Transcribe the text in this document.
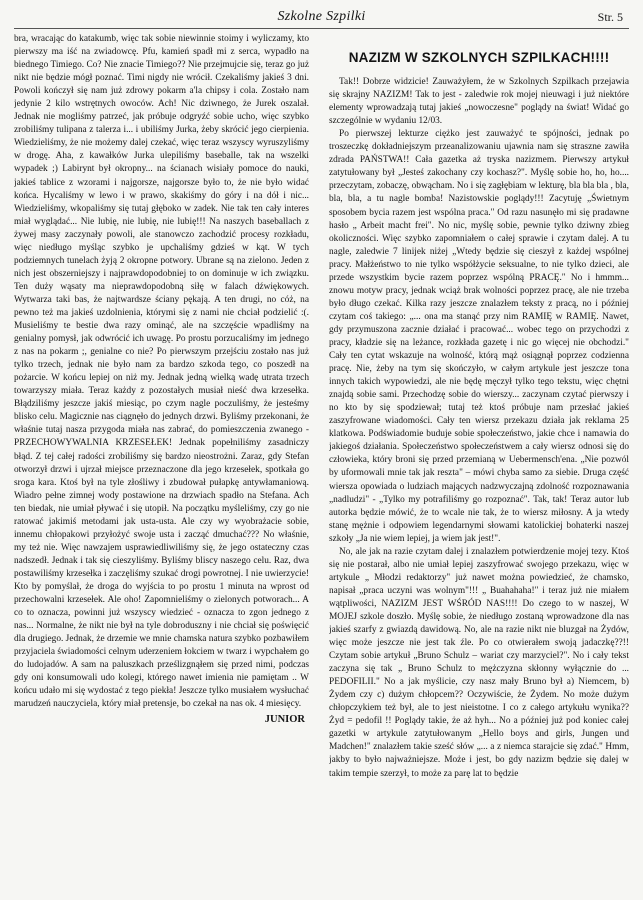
Szkolne Szpilki	Str. 5

bra, wracając do katakumb, więc tak sobie niewinnie stoimy i wyliczamy, kto pierwszy ma iść na zwiadowcę. Pfu, kamień spadł mi z serca, wypadło na biednego Timiego. Co? Nie znacie Timiego?? Nie przejmujcie się, teraz go już nikt nie będzie mógł poznać. Timi nigdy nie wrócił. Czekaliśmy jakieś 3 dni. Powoli kończył się nam już zdrowy pokarm a'la chipsy i cola. Zostało nam jedynie 2 kilo wstrętnych owoców. Ach! Nic dziwnego, że Jurek oszalał. Jednak nie mogliśmy patrzeć, jak próbuje odgryźć sobie ucho, więc szybko zrobiliśmy tulipana z talerza i... i ubiliśmy Jurka, żeby skrócić jego cierpienia. Wiedzieliśmy, że nie możemy dalej czekać, więc teraz wszyscy wyruszyliśmy w drogę. Aha, z kawałków Jurka ulepiliśmy baseballe, tak na wszelki wypadek ;) Labirynt był okropny... na ścianach wisiały pomoce do nauki, jakieś tablice z wzorami i najgorsze, najgorsze było to, że nie było widać końca. Hycaliśmy w lewo i w prawo, skakiśmy do góry i na dół i nic... Wiedzieliśmy, wkopaliśmy się tutaj głęboko w zadek. Nie tak ten cały interes miał wyglądać... Nie lubię, nie lubię, nie lubię!!! Na naszych baseballach z żywej masy zaczynały powoli, ale stanowczo zachodzić procesy rozkładu, więc niedługo myśląc szybko je upchaliśmy gdzieś w kąt. W tych podziemnych tunelach żyją 2 okropne potwory. Ubrane są na zielono. Jeden z nich jest obszerniejszy i najprawdopodobniej to on dominuje w ich związku. Ten duży wąsaty ma nieprawdopodobną siłę w falach dźwiękowych. Wytwarza taki bas, że najtwardsze ściany pękają. A ten drugi, no cóż, na pewno też ma jakieś uzdolnienia, którymi się z nami nie chciał podzielić :(. Musieliśmy te bestie dwa razy ominąć, ale na szczęście wpadliśmy na genialny pomysł, jak odwrócić ich uwagę. Po prostu porzucaliśmy im jednego z nas na pokarm ;, genialne co nie? Po pierwszym przejściu zostało nas już tylko trzech, jednak nie było nam za bardzo szkoda tego, co poszedł na pożarcie. W końcu lepiej on niż my. Jednak jedną wielką wadę utrata trzech towarzyszy miała. Teraz każdy z pozostałych musiał nieść dwa krzesełka. Błądziliśmy jeszcze jakiś miesiąc, po czym nagle poczuliśmy, że jesteśmy blisko celu. Magicznie nas ciągnęło do jednych drzwi. Byliśmy przekonani, że właśnie tutaj nasza przygoda miała nas zabrać, do pomieszczenia zwanego - PRZECHOWYWALNIA KRZESEŁEK! Jednak popełniliśmy zasadniczy błąd. Z tej całej radości zrobiliśmy się bardzo nieostrożni. Zaraz, gdy Stefan otworzył drzwi i ujrzał miejsce przeznaczone dla jego krzesełek, spotkała go sroga kara. Ktoś był na tyle złośliwy i zbudował pułapkę antywłamaniową. Wiadro pełne zimnej wody postawione na drzwiach spadło na Stefana. Ach ten biedak, nie umiał pływać i się utopił. Na początku myśleliśmy, czy go nie ratować jakimiś metodami jak usta-usta. Ale czy wy wyobrażacie sobie, innemu chłopakowi przyłożyć swoje usta i zacząć dmuchać??? No właśnie, my też nie. Więc nawzajem usprawiedliwiliśmy się, że jego ostateczny czas nadszedł. Jednak i tak się cieszyliśmy. Byliśmy bliscy naszego celu. Raz, dwa postawiliśmy krzesełka i zaczęliśmy szukać drogi powrotnej. I nie uwierzycie! Kto by pomyślał, że droga do wyjścia to po prostu 1 minuta na wprost od przechowalni krzesełek. Ale oho! Zapomnieliśmy o zielonych potworach... A co to oznacza, powinni już wszyscy wiedzieć - oznacza to zgon jednego z nas... Normalne, że nikt nie był na tyle dobroduszny i nie chciał się poświęcić dla drugiego. Jednak, że drzemie we mnie chamska natura szybko pozbawiłem przyjaciela świadomości celnym uderzeniem łokciem w twarz i wypchałem go do ludojadów. A sam na paluszkach prześlizgnąłem się przed nimi, podczas gdy oni konsumowali udo kolegi, którego nawet imienia nie pamiętam .. W końcu udało mi się wydostać z tego piekła! Jeszcze tylko musiałem wysłuchać marudzeń nauczyciela, który miał pretensje, bo czekał na nas ok. 4 miesięcy.

JUNIOR
NAZIZM W SZKOLNYCH SZPILKACH!!!!

Tak!! Dobrze widzicie! Zauważyłem, że w Szkolnych Szpilkach przejawia się skrajny NAZIZM! Tak to jest - zaledwie rok mojej nieuwagi i już niektóre elementy wprowadzają tutaj jakieś „nowoczesne" poglądy na świat! Widać go szczególnie w wydaniu 12/03.

Po pierwszej lekturze ciężko jest zauważyć te spójności, jednak po troszeczkę dokładniejszym przeanalizowaniu ujawnia nam się straszne zawiła zdrada PAŃSTWA!! Cała gazetka aż tryska nazizmem. Pierwszy artykuł zatytułowany był „Jesteś zakochany czy kochasz?". Myślę sobie ho, ho, ho.... przeczytam, zobaczę, obwącham. No i się zagłębiam w lekturę, bla bla bla , bla, bla, bla, a tu nagle bomba! Nazistowskie poglądy!!! Zacytuję „Świetnym sposobem bycia razem jest wspólna praca." Od razu nasunęło mi się pradawne hasło „ Arbeit macht frei". No nic, myślę sobie, pewnie tylko dziwny zbieg okoliczności. Więc szybko zapomniałem o całej sprawie i czytam dalej. A tu nagle, zaledwie 7 linijek niżej „Wtedy będzie się cieszył z każdej wspólnej pracy. Małżeństwo to nie tylko współżycie seksualne, to nie tylko dzieci, ale przede wszystkim bycie razem poprzez wspólną PRACĘ." No i hmmm... znowu motyw pracy, jednak wciąż brak wolności poprzez pracę, ale nie trzeba było długo czekać. Kilka razy jeszcze znalazłem teksty z pracą, no i później czytam coś takiego: „... ona ma stanąć przy nim RAMIĘ w RAMIĘ. Nawet, gdy przymuszona zacznie działać i pracować... wobec tego on przychodzi z pracy, kładzie się na leżance, rozkłada gazetę i nic go więcej nie obchodzi." Cały ten cytat wskazuje na wolność, którą mąż osiągnął poprzez codzienna pracę. Nie, żeby na tym się skończyło, w całym artykule jest jeszcze tona innych takich wypowiedzi, ale nie będę męczył tylko tego tekstu, więc chętni znajdą sobie sami. Przechodzę sobie do wierszy... zaczynam czytać pierwszy i no kto by się spodziewał; tutaj też ktoś próbuje nam przesłać jakieś zaszyfrowane wiadomości. Cały ten wiersz przekazu działa jak reklama 25 klatkowa. Podświadomie buduje sobie społeczeństwo, jakie chce i namawia do jakiegoś działania. Społeczeństwo społeczeństwem a cały wiersz odnosi się do człowieka, który broni się przed przemianą w Uebermensch'ena. „Nie pozwól by uformowali mnie tak jak reszta" – mówi chyba samo za siebie. Druga część wiersza opowiada o ludziach mających nadzwyczajną zdolność rozpoznawania „nadludzi" - „Tylko my potrafiliśmy go rozpoznać". Tak, tak! Teraz autor lub autorka będzie mówić, że to wcale nie tak, że to wiersz miłosny. A ja wtedy stanę mężnie i odpowiem legendarnymi słowami katolickiej bohaterki naszej szkoły „Ja nie wiem lepiej, ja wiem jak jest!".

No, ale jak na razie czytam dalej i znalazłem potwierdzenie mojej tezy. Ktoś się nie postarał, albo nie umiał lepiej zaszyfrować swojego przekazu, więc w artykule „ Młodzi redaktorzy" już nawet można powiedzieć, że chamsko, napisał „praca uczyni was wolnym"!!! „ Buahahaha!" i teraz już nie miałem wątpliwości, NAZIZM JEST WŚRÓD NAS!!!! Do czego to w naszej, W MOJEJ szkole doszło. Myślę sobie, że niedługo zostaną wprowadzone dla nas jakieś szarfy z gwiazdą dawidową. No, ale na razie nikt nie bluzgał na Żydów, więc może jeszcze nie jest tak źle. Po co otwierałem swoją jadaczkę??!! Czytam sobie artykuł „Bruno Schulz – wariat czy marzyciel?". No i cały tekst zaczyna się tak „ Bruno Schulz to mężczyzna skłonny wyłącznie do ... PEDOFILII." No a jak myślicie, czy nasz mały Bruno był a) Niemcem, b) Żydem czy c) dużym chłopcem?? Oczywiście, że Żydem. No może dużym chłopczykiem też był, ale to jest nieistotne. I co z całego artykułu wynika?? Żyd = pedofil !! Poglądy takie, że aż hyh... No a później już pod koniec całej gazetki w artykule zatytułowanym „Hello boys and girls, Jungen und Madchen!" znalazłem takie sześć słów „... a z niemca starajcie się zdać." Hmm, jakby to było najważniejsze. Może i jest, bo gdy nazizm będzie się dalej w takim tempie szerzył, to może za parę lat to będzie
